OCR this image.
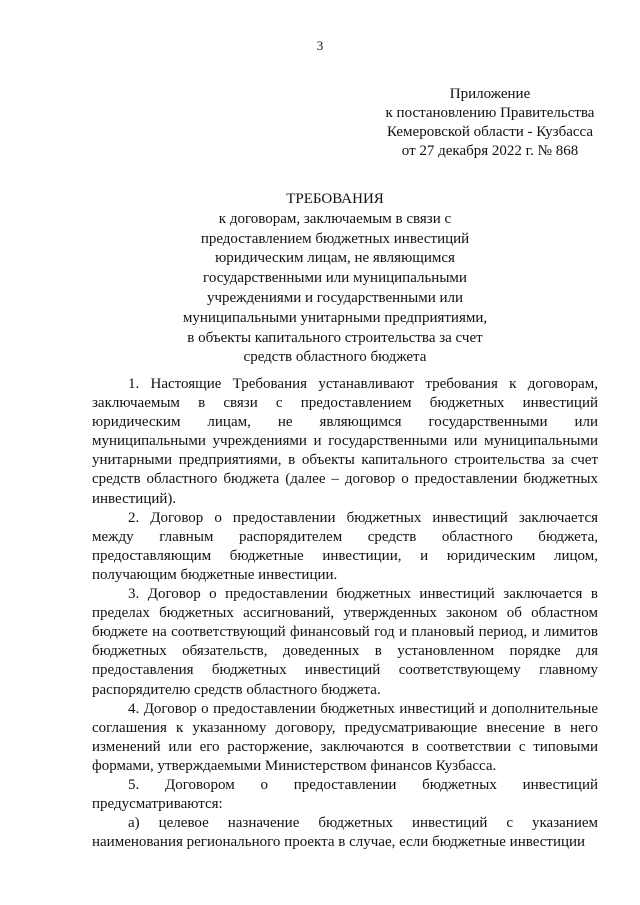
3
Приложение
к постановлению Правительства
Кемеровской области - Кузбасса
от 27 декабря 2022 г. № 868
ТРЕБОВАНИЯ
к договорам, заключаемым в связи с
предоставлением бюджетных инвестиций
юридическим лицам, не являющимся
государственными или муниципальными
учреждениями и государственными или
муниципальными унитарными предприятиями,
в объекты капитального строительства за счет
средств областного бюджета

1. Настоящие Требования устанавливают требования к договорам, заключаемым в связи с предоставлением бюджетных инвестиций юридическим лицам, не являющимся государственными или муниципальными учреждениями и государственными или муниципальными унитарными предприятиями, в объекты капитального строительства за счет средств областного бюджета (далее – договор о предоставлении бюджетных инвестиций).

2. Договор о предоставлении бюджетных инвестиций заключается между главным распорядителем средств областного бюджета, предоставляющим бюджетные инвестиции, и юридическим лицом, получающим бюджетные инвестиции.

3. Договор о предоставлении бюджетных инвестиций заключается в пределах бюджетных ассигнований, утвержденных законом об областном бюджете на соответствующий финансовый год и плановый период, и лимитов бюджетных обязательств, доведенных в установленном порядке для предоставления бюджетных инвестиций соответствующему главному распорядителю средств областного бюджета.

4. Договор о предоставлении бюджетных инвестиций и дополнительные соглашения к указанному договору, предусматривающие внесение в него изменений или его расторжение, заключаются в соответствии с типовыми формами, утверждаемыми Министерством финансов Кузбасса.

5. Договором о предоставлении бюджетных инвестиций предусматриваются:

а) целевое назначение бюджетных инвестиций с указанием наименования регионального проекта в случае, если бюджетные инвестиции
